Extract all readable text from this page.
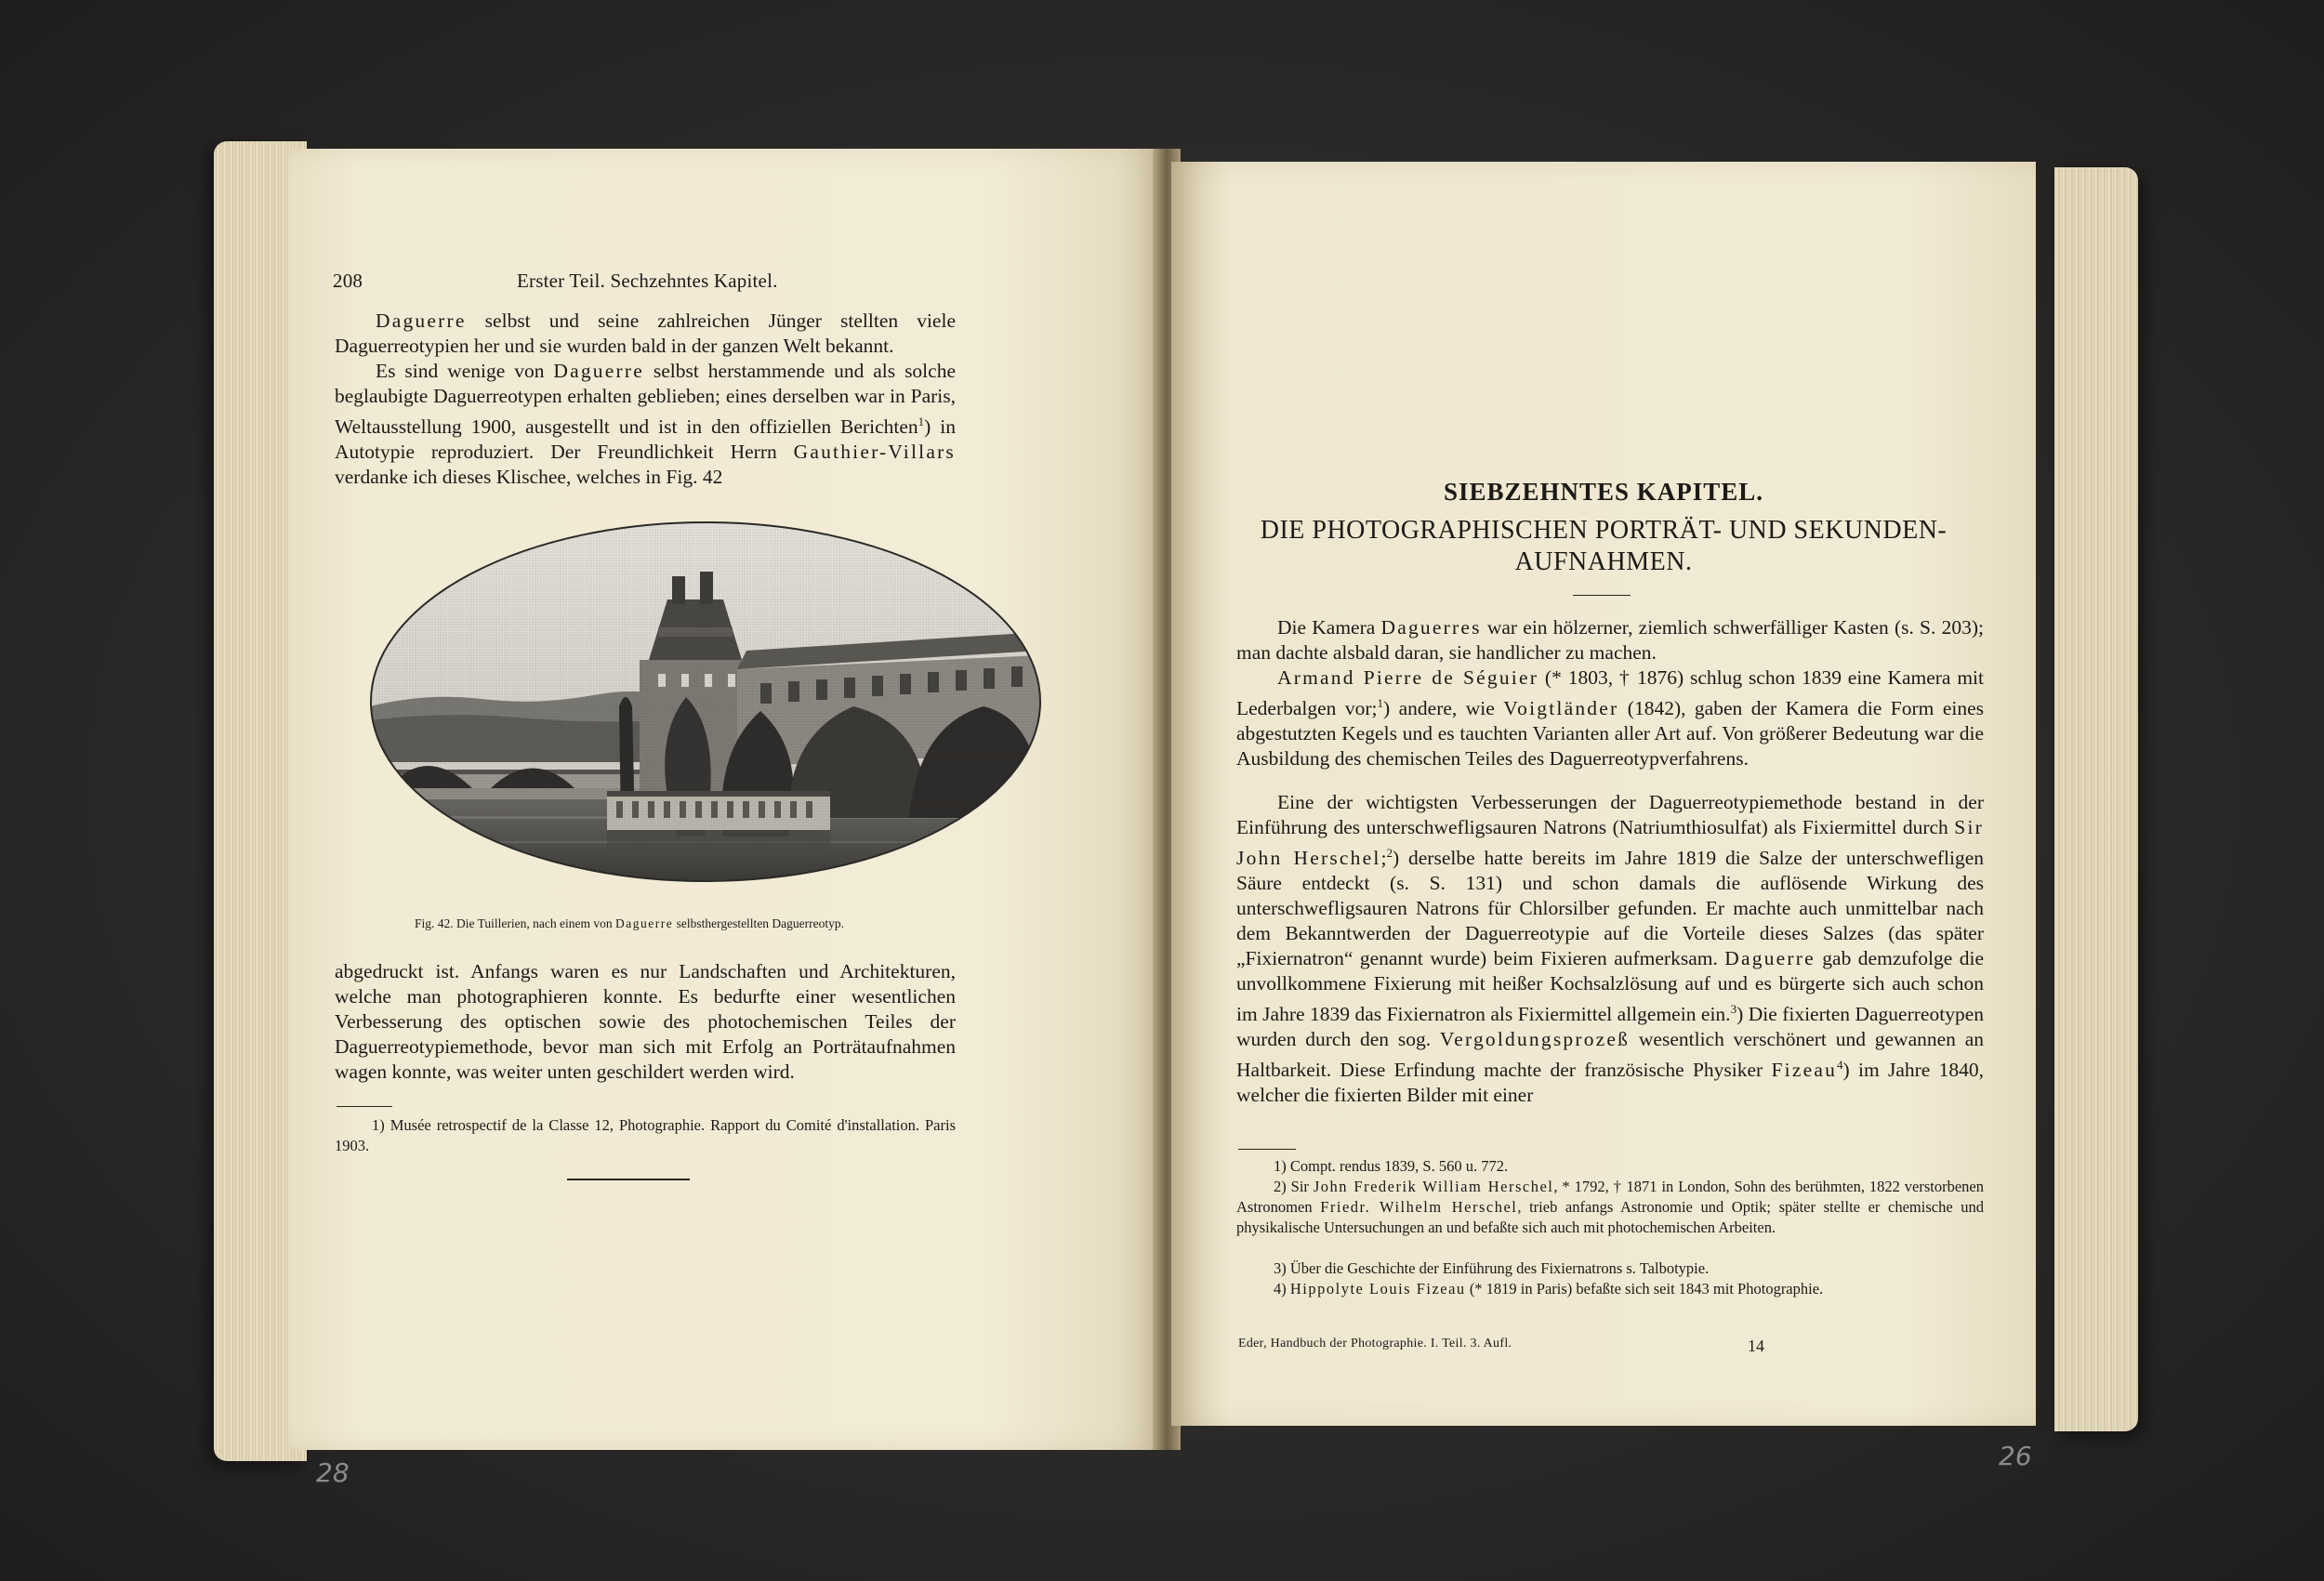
208	Erster Teil. Sechzehntes Kapitel.

Daguerre selbst und seine zahlreichen Jünger stellten viele Daguerreotypien her und sie wurden bald in der ganzen Welt bekannt.

Es sind wenige von Daguerre selbst herstammende und als solche beglaubigte Daguerreotypen erhalten geblieben; eines derselben war in Paris, Weltausstellung 1900, ausgestellt und ist in den offiziellen Berichten$^1$) in Autotypie reproduziert. Der Freundlichkeit Herrn Gauthier-Villars verdanke ich dieses Klischee, welches in Fig. 42

Fig. 42. Die Tuillerien, nach einem von Daguerre selbsthergestellten Daguerreotyp.

abgedruckt ist. Anfangs waren es nur Landschaften und Architekturen, welche man photographieren konnte. Es bedurfte einer wesentlichen Verbesserung des optischen sowie des photochemischen Teiles der Daguerreotypiemethode, bevor man sich mit Erfolg an Porträtaufnahmen wagen konnte, was weiter unten geschildert werden wird.

1) Musée retrospectif de la Classe 12, Photographie. Rapport du Comité d'installation. Paris 1903.

SIEBZEHNTES KAPITEL.
DIE PHOTOGRAPHISCHEN PORTRÄT- UND SEKUNDEN-
AUFNAHMEN.

Die Kamera Daguerres war ein hölzerner, ziemlich schwerfälliger Kasten (s. S. 203); man dachte alsbald daran, sie handlicher zu machen.

Armand Pierre de Séguier (* 1803, † 1876) schlug schon 1839 eine Kamera mit Lederbalgen vor;$^1$) andere, wie Voigtländer (1842), gaben der Kamera die Form eines abgestutzten Kegels und es tauchten Varianten aller Art auf. Von größerer Bedeutung war die Ausbildung des chemischen Teiles des Daguerreotypverfahrens.

Eine der wichtigsten Verbesserungen der Daguerreotypiemethode bestand in der Einführung des unterschwefligsauren Natrons (Natriumthiosulfat) als Fixiermittel durch Sir John Herschel;$^2$) derselbe hatte bereits im Jahre 1819 die Salze der unterschwefligen Säure entdeckt (s. S. 131) und schon damals die auflösende Wirkung des unterschwefligsauren Natrons für Chlorsilber gefunden. Er machte auch unmittelbar nach dem Bekanntwerden der Daguerreotypie auf die Vorteile dieses Salzes (das später „Fixiernatron“ genannt wurde) beim Fixieren aufmerksam. Daguerre gab demzufolge die unvollkommene Fixierung mit heißer Kochsalzlösung auf und es bürgerte sich auch schon im Jahre 1839 das Fixiernatron als Fixiermittel allgemein ein.$^3$) Die fixierten Daguerreotypen wurden durch den sog. Vergoldungsprozeß wesentlich verschönert und gewannen an Haltbarkeit. Diese Erfindung machte der französische Physiker Fizeau$^4$) im Jahre 1840, welcher die fixierten Bilder mit einer

1) Compt. rendus 1839, S. 560 u. 772.

2) Sir John Frederik William Herschel, * 1792, † 1871 in London, Sohn des berühmten, 1822 verstorbenen Astronomen Friedr. Wilhelm Herschel, trieb anfangs Astronomie und Optik; später stellte er chemische und physikalische Untersuchungen an und befaßte sich auch mit photochemischen Arbeiten.

3) Über die Geschichte der Einführung des Fixiernatrons s. Talbotypie.

4) Hippolyte Louis Fizeau (* 1819 in Paris) befaßte sich seit 1843 mit Photographie.

Eder, Handbuch der Photographie. I. Teil. 3. Aufl.	14
28
26
